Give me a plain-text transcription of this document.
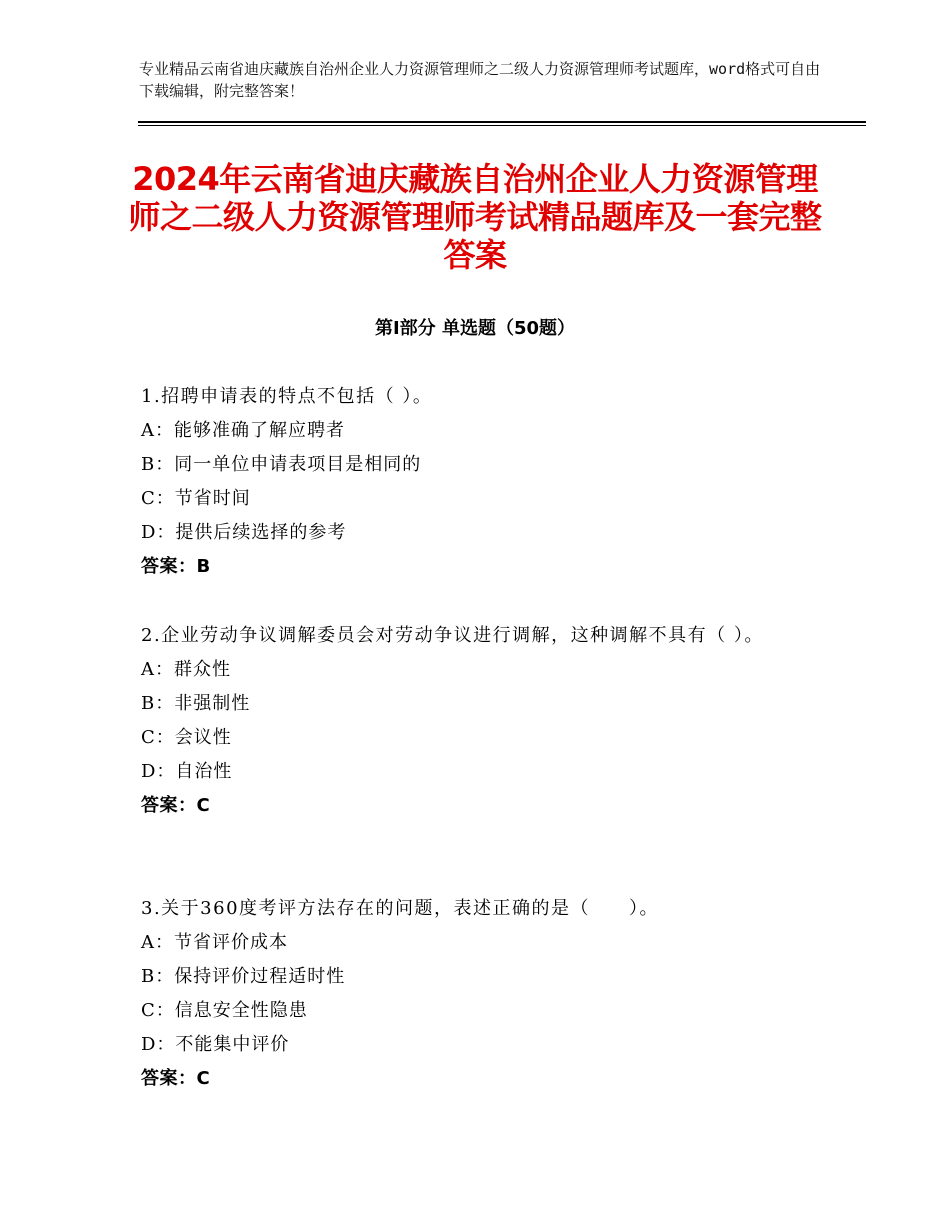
专业精品云南省迪庆藏族自治州企业人力资源管理师之二级人力资源管理师考试题库，word格式可自由下载编辑，附完整答案！
2024年云南省迪庆藏族自治州企业人力资源管理师之二级人力资源管理师考试精品题库及一套完整答案
第Ⅰ部分 单选题（50题）
1.招聘申请表的特点不包括（ ）。
A：能够准确了解应聘者
B：同一单位申请表项目是相同的
C：节省时间
D：提供后续选择的参考
答案：B
2.企业劳动争议调解委员会对劳动争议进行调解，这种调解不具有（ ）。
A：群众性
B：非强制性
C：会议性
D：自治性
答案：C
3.关于360度考评方法存在的问题，表述正确的是（　　）。
A：节省评价成本
B：保持评价过程适时性
C：信息安全性隐患
D：不能集中评价
答案：C
